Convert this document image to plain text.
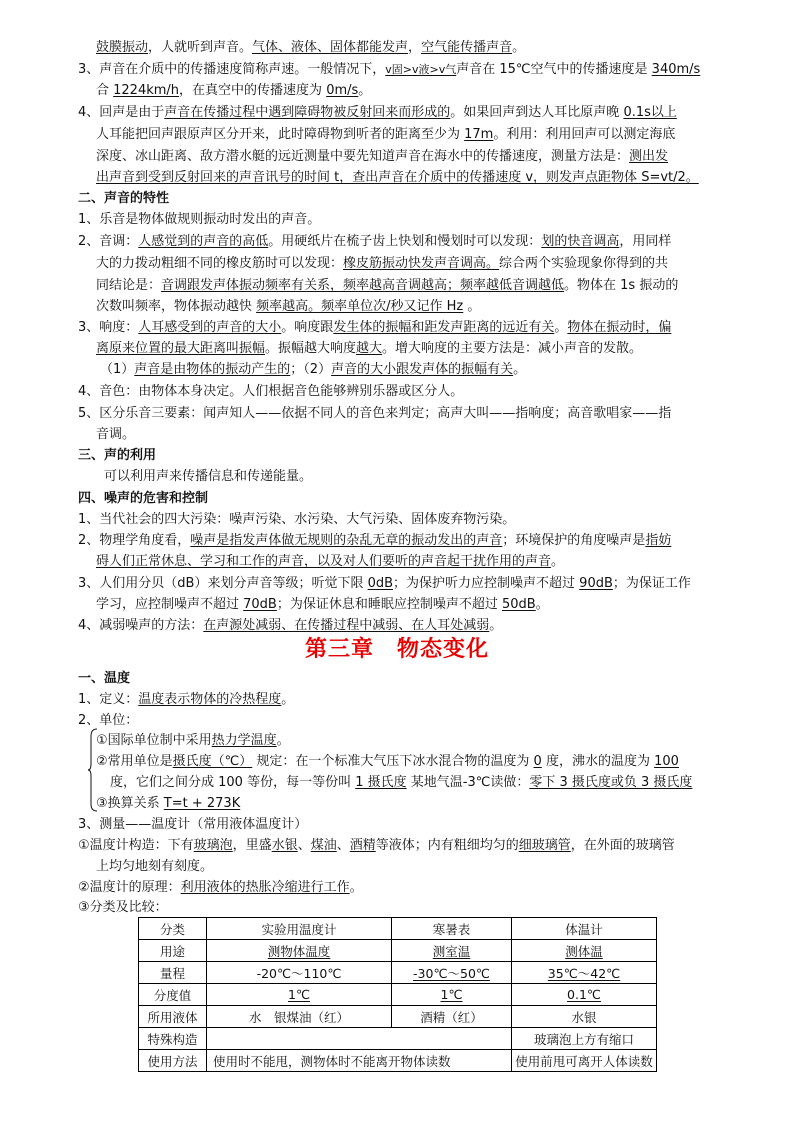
鼓膜振动，人就听到声音。气体、液体、固体都能发声，空气能传播声音。
3、声音在介质中的传播速度简称声速。一般情况下，v固>v液>v气声音在 15℃空气中的传播速度是 340m/s
合 1224km/h，在真空中的传播速度为 0m/s。
4、回声是由于声音在传播过程中遇到障碍物被反射回来而形成的。如果回声到达人耳比原声晚 0.1s以上
人耳能把回声跟原声区分开来，此时障碍物到听者的距离至少为 17m。利用：利用回声可以测定海底
深度、冰山距离、敌方潜水艇的远近测量中要先知道声音在海水中的传播速度，测量方法是：测出发
出声音到受到反射回来的声音讯号的时间 t，查出声音在介质中的传播速度 v，则发声点距物体 S=vt/2。
二、声音的特性
1、乐音是物体做规则振动时发出的声音。
2、音调：人感觉到的声音的高低。用硬纸片在梳子齿上快划和慢划时可以发现：划的快音调高，用同样
大的力拨动粗细不同的橡皮筋时可以发现：橡皮筋振动快发声音调高。综合两个实验现象你得到的共
同结论是：音调跟发声体振动频率有关系，频率越高音调越高；频率越低音调越低。物体在 1s 振动的
次数叫频率，物体振动越快 频率越高。频率单位次/秒又记作 Hz 。
3、响度：人耳感受到的声音的大小。响度跟发生体的振幅和距发声距离的远近有关。物体在振动时，偏
离原来位置的最大距离叫振幅。振幅越大响度越大。增大响度的主要方法是：减小声音的发散。
（1）声音是由物体的振动产生的；（2）声音的大小跟发声体的振幅有关。
4、音色：由物体本身决定。人们根据音色能够辨别乐器或区分人。
5、区分乐音三要素：闻声知人——依据不同人的音色来判定；高声大叫——指响度；高音歌唱家——指
音调。
三、声的利用
可以利用声来传播信息和传递能量。
四、噪声的危害和控制
1、当代社会的四大污染：噪声污染、水污染、大气污染、固体废弃物污染。
2、物理学角度看，噪声是指发声体做无规则的杂乱无章的振动发出的声音；环境保护的角度噪声是指妨
碍人们正常休息、学习和工作的声音，以及对人们要听的声音起干扰作用的声音。
3、人们用分贝（dB）来划分声音等级；听觉下限 0dB；为保护听力应控制噪声不超过 90dB；为保证工作
学习，应控制噪声不超过 70dB；为保证休息和睡眠应控制噪声不超过 50dB。
4、减弱噪声的方法：在声源处减弱、在传播过程中减弱、在人耳处减弱。
第三章　物态变化
一、温度
1、定义：温度表示物体的冷热程度。
2、单位：
①国际单位制中采用热力学温度。
②常用单位是摄氏度（℃） 规定：在一个标准大气压下冰水混合物的温度为 0 度，沸水的温度为 100
度，它们之间分成 100 等份，每一等份叫 1 摄氏度 某地气温-3℃读做：零下 3 摄氏度或负 3 摄氏度
③换算关系 T=t + 273K
3、测量——温度计（常用液体温度计）
①温度计构造：下有玻璃泡，里盛水银、煤油、酒精等液体；内有粗细均匀的细玻璃管，在外面的玻璃管
上均匀地刻有刻度。
②温度计的原理：利用液体的热胀冷缩进行工作。
③分类及比较：
分类	实验用温度计	寒暑表	体温计
用途	测物体温度	测室温	测体温
量程	-20℃～110℃	-30℃～50℃	35℃～42℃
分度值	1℃	1℃	0.1℃
所用液体	水　银煤油（红）	酒精（红）	水银
特殊构造			玻璃泡上方有缩口
使用方法	使用时不能甩，测物体时不能离开物体读数		使用前甩可离开人体读数
